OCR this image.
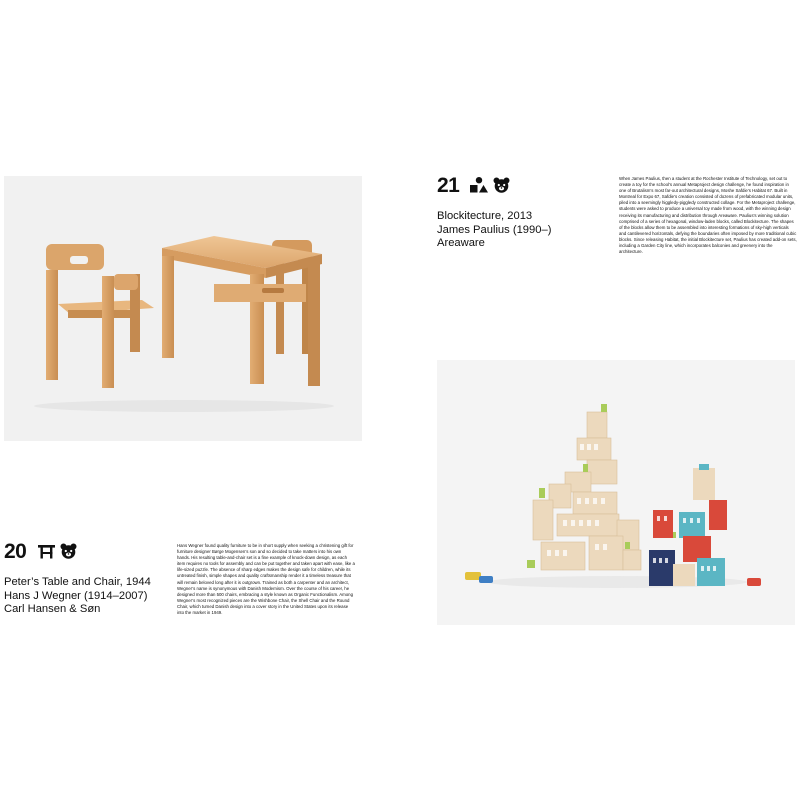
20
Peter’s Table and Chair, 1944
Hans J Wegner (1914–2007)
Carl Hansen & Søn
Hans Wegner found quality furniture to be in short supply when seeking a christening gift for furniture designer Børge Mogensen’s son and so decided to take matters into his own hands. His resulting table-and-chair set is a fine example of knock-down design, as each item requires no tools for assembly and can be put together and taken apart with ease, like a life-sized puzzle. The absence of sharp edges makes the design safe for children, while its untreated finish, simple shapes and quality craftsmanship render it a timeless treasure that will remain beloved long after it is outgrown. Trained as both a carpenter and an architect, Wegner’s name is synonymous with Danish Modernism. Over the course of his career, he designed more than 500 chairs, embracing a style known as Organic Functionalism. Among Wegner’s most recognized pieces are the Wishbone Chair, the Shell Chair and the Round Chair, which turned Danish design into a cover story in the United States upon its release into the market in 1949.
21
Blockitecture, 2013
James Paulius (1990–)
Areaware
When James Paulius, then a student at the Rochester Institute of Technology, set out to create a toy for the school’s annual Metaproject design challenge, he found inspiration in one of Brutalism’s most far-out architectural designs, Moshe Safdie’s Habitat 67. Built in Montreal for Expo 67, Safdie’s creation consisted of dozens of prefabricated modular units, piled into a seemingly higgledy-piggledy constructed collage. For the Metaproject challenge, students were asked to produce a universal toy made from wood, with the winning design receiving its manufacturing and distribution through Areaware. Paulius’s winning solution comprised of a series of hexagonal, window-laden blocks, called Blockitecture. The shapes of the blocks allow them to be assembled into interesting formations of sky-high verticals and cantilevered horizontals, defying the boundaries often imposed by more traditional cubic blocks. Since releasing Habitat, the initial Blockitecture set, Paulius has created add-on sets, including a Garden City line, which incorporates balconies and greenery into the architecture.
